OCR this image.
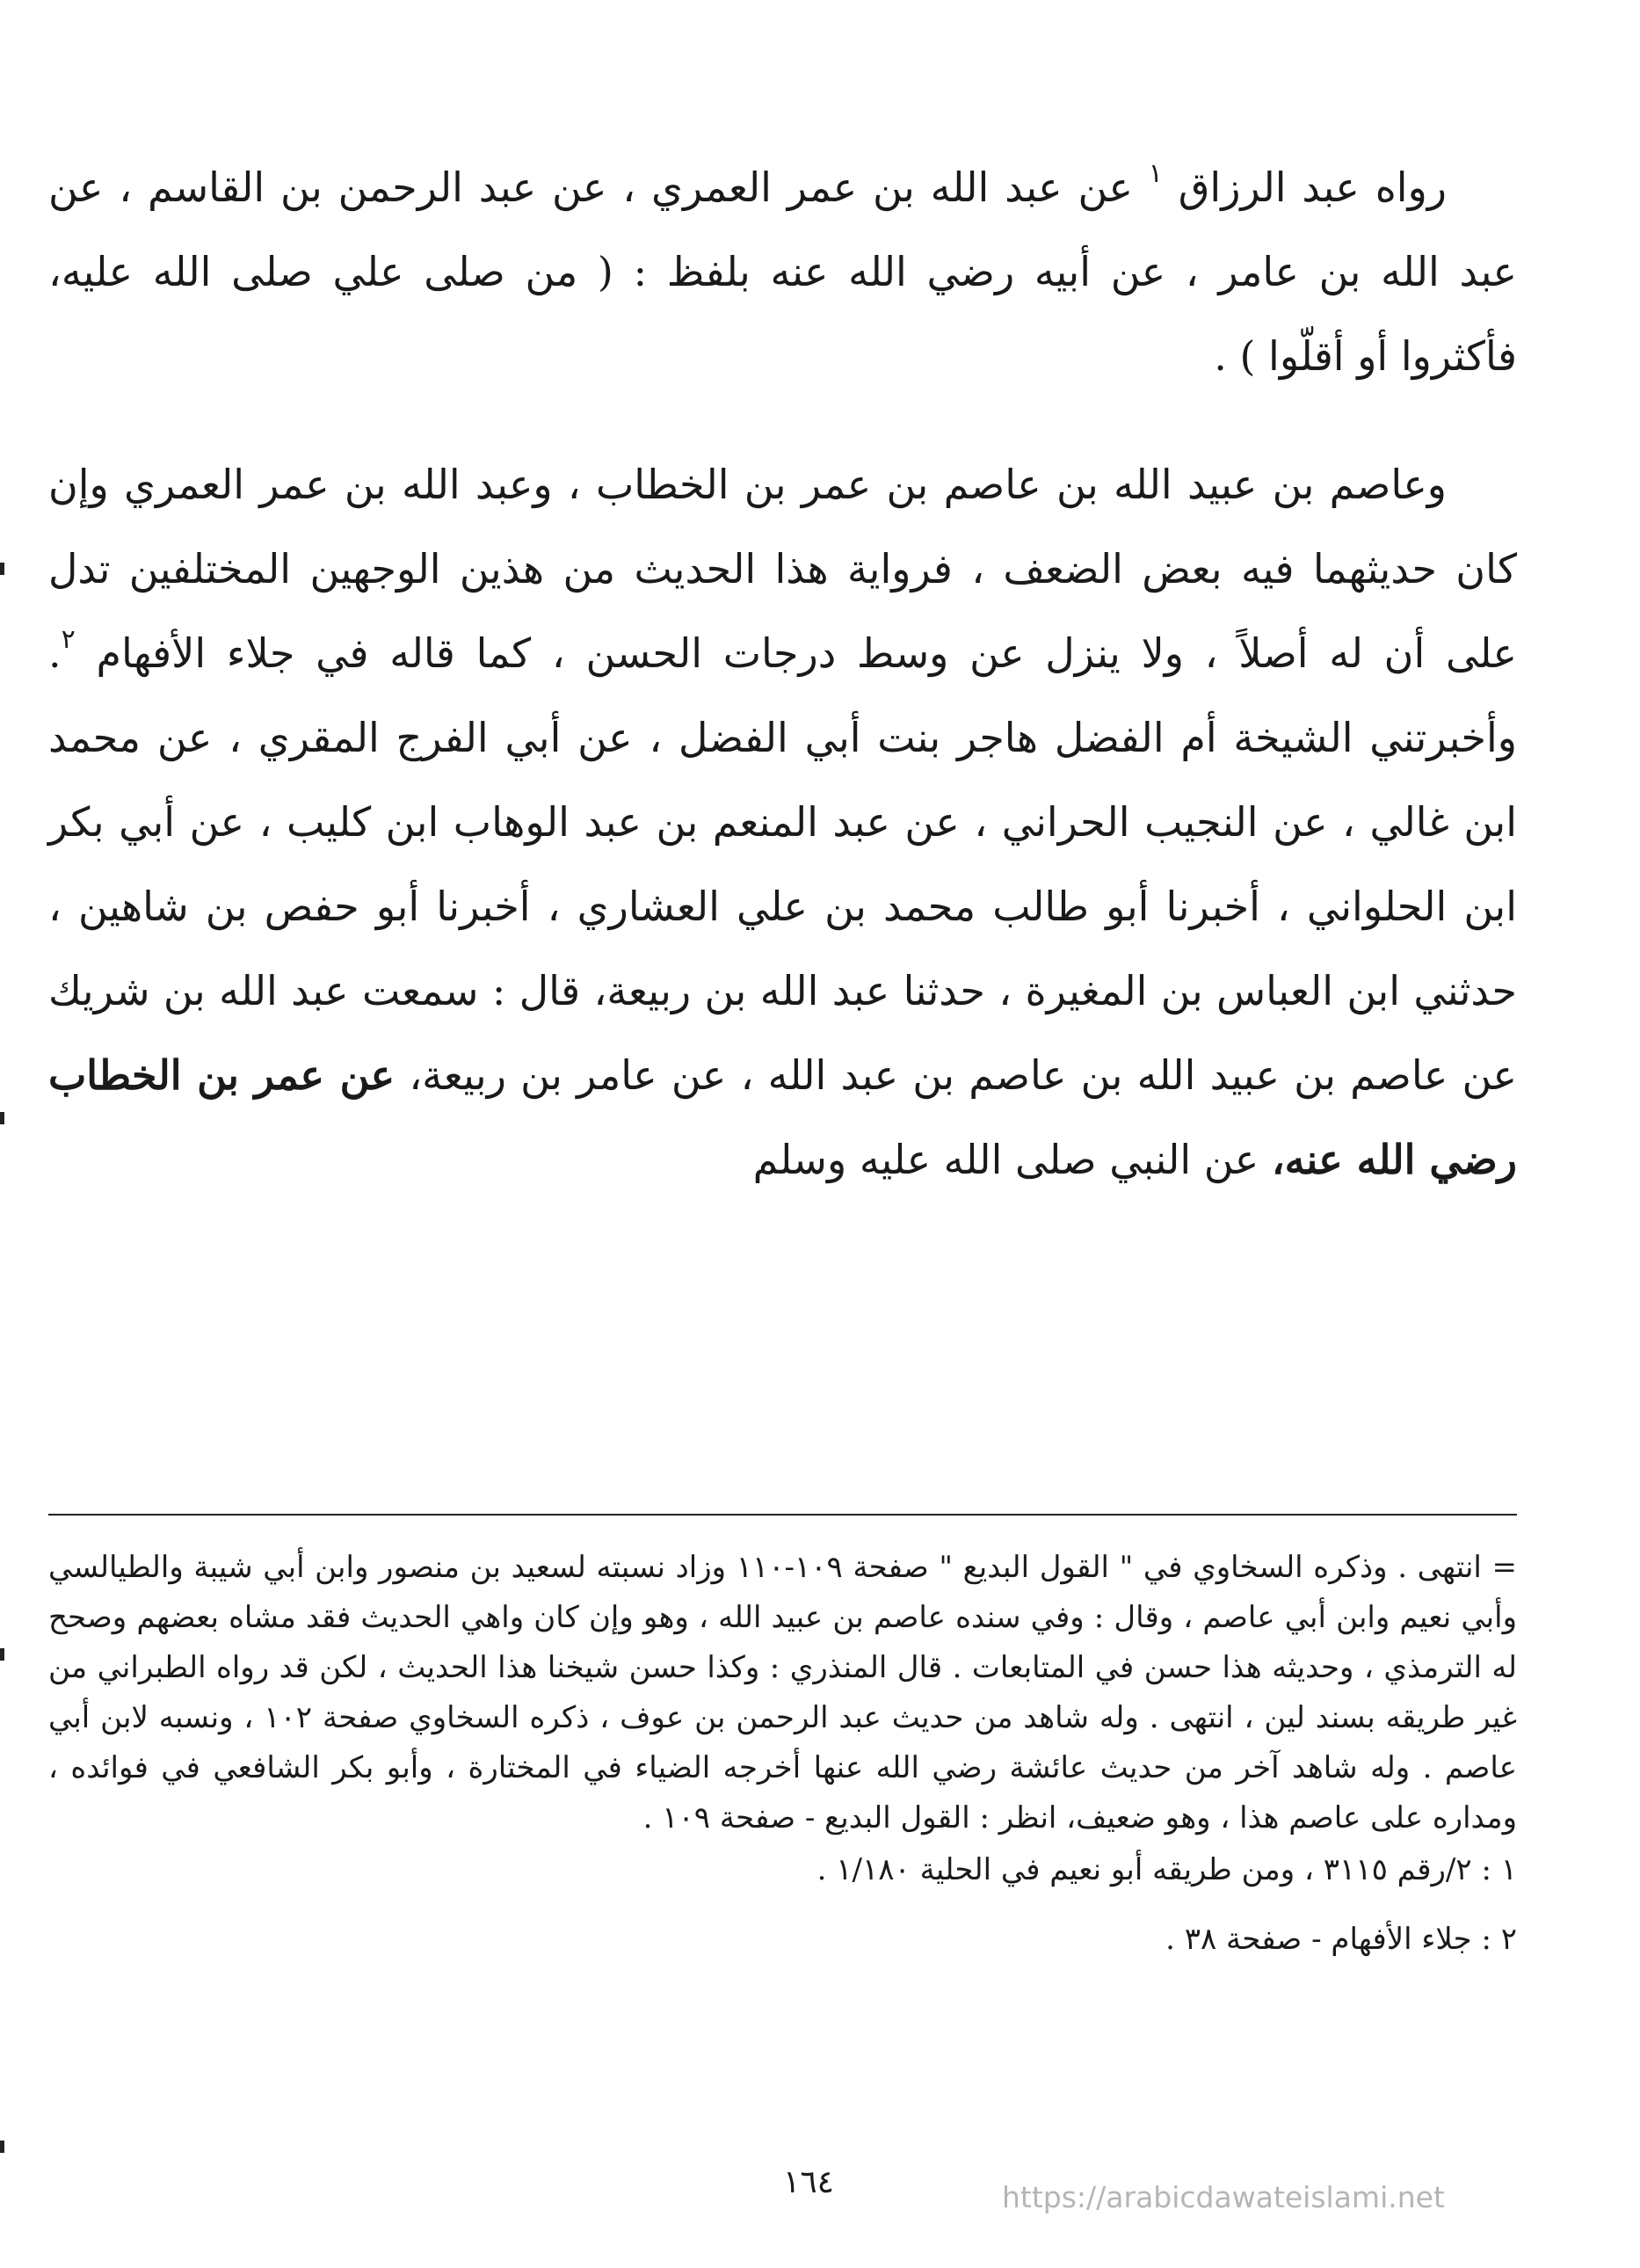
رواه عبد الرزاق $^١$ عن عبد الله بن عمر العمري ، عن عبد الرحمن بن القاسم ، عن عبد الله بن عامر ، عن أبيه رضي الله عنه بلفظ : ( من صلى علي صلى الله عليه، فأكثروا أو أقلّوا ) .

وعاصم بن عبيد الله بن عاصم بن عمر بن الخطاب ، وعبد الله بن عمر العمري وإن كان حديثهما فيه بعض الضعف ، فرواية هذا الحديث من هذين الوجهين المختلفين تدل على أن له أصلاً ، ولا ينزل عن وسط درجات الحسن ، كما قاله في جلاء الأفهام $^٢$. وأخبرتني الشيخة أم الفضل هاجر بنت أبي الفضل ، عن أبي الفرج المقري ، عن محمد ابن غالي ، عن النجيب الحراني ، عن عبد المنعم بن عبد الوهاب ابن كليب ، عن أبي بكر ابن الحلواني ، أخبرنا أبو طالب محمد بن علي العشاري ، أخبرنا أبو حفص بن شاهين ، حدثني ابن العباس بن المغيرة ، حدثنا عبد الله بن ربيعة، قال : سمعت عبد الله بن شريك عن عاصم بن عبيد الله بن عاصم بن عبد الله ، عن عامر بن ربيعة، عن عمر بن الخطاب رضي الله عنه، عن النبي صلى الله عليه وسلم

= انتهى . وذكره السخاوي في " القول البديع " صفحة ١٠٩-١١٠ وزاد نسبته لسعيد بن منصور وابن أبي شيبة والطيالسي وأبي نعيم وابن أبي عاصم ، وقال : وفي سنده عاصم بن عبيد الله ، وهو وإن كان واهي الحديث فقد مشاه بعضهم وصحح له الترمذي ، وحديثه هذا حسن في المتابعات . قال المنذري : وكذا حسن شيخنا هذا الحديث ، لكن قد رواه الطبراني من غير طريقه بسند لين ، انتهى . وله شاهد من حديث عبد الرحمن بن عوف ، ذكره السخاوي صفحة ١٠٢ ، ونسبه لابن أبي عاصم . وله شاهد آخر من حديث عائشة رضي الله عنها أخرجه الضياء في المختارة ، وأبو بكر الشافعي في فوائده ، ومداره على عاصم هذا ، وهو ضعيف، انظر : القول البديع - صفحة ١٠٩ .

١ : ٢/رقم ٣١١٥ ، ومن طريقه أبو نعيم في الحلية ١/١٨٠ .

٢ : جلاء الأفهام - صفحة ٣٨ .

١٦٤	https://arabicdawateislami.net
